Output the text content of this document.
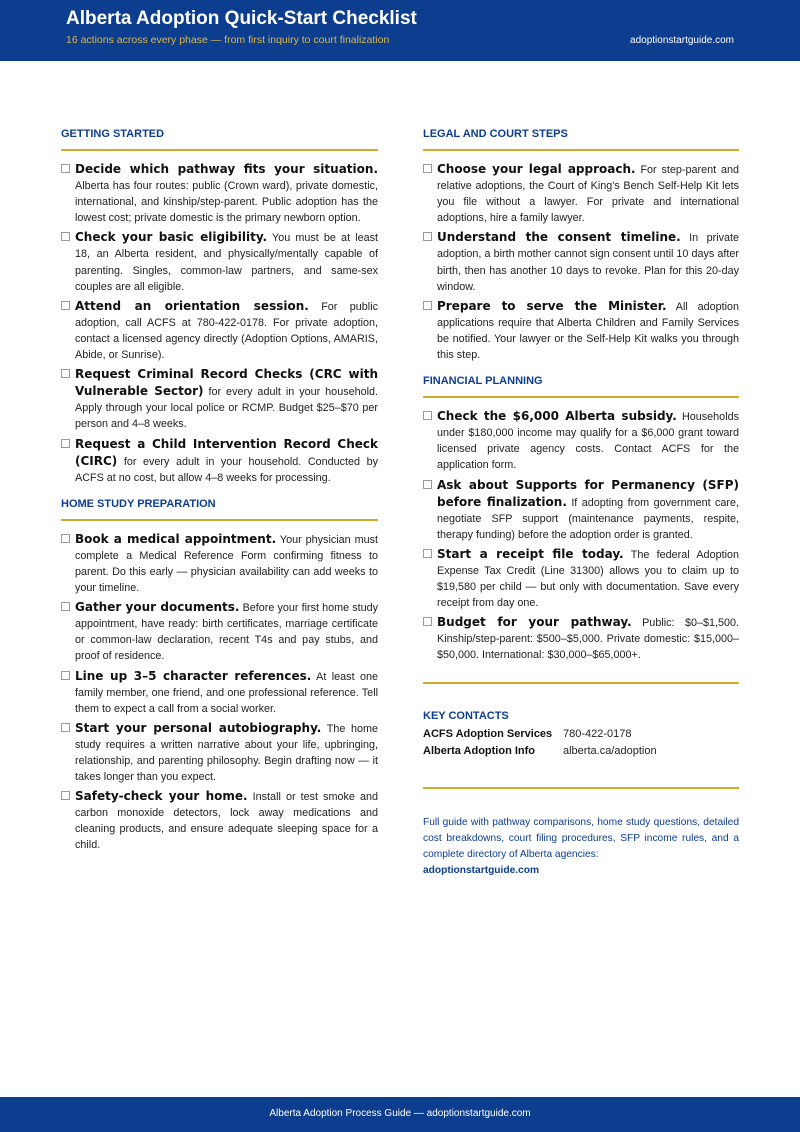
Alberta Adoption Quick-Start Checklist
16 actions across every phase — from first inquiry to court finalization	adoptionstartguide.com
GETTING STARTED
Decide which pathway fits your situation. Alberta has four routes: public (Crown ward), private domestic, international, and kinship/step-parent. Public adoption has the lowest cost; private domestic is the primary newborn option.
Check your basic eligibility. You must be at least 18, an Alberta resident, and physically/mentally capable of parenting. Singles, common-law partners, and same-sex couples are all eligible.
Attend an orientation session. For public adoption, call ACFS at 780-422-0178. For private adoption, contact a licensed agency directly (Adoption Options, AMARIS, Abide, or Sunrise).
Request Criminal Record Checks (CRC with Vulnerable Sector) for every adult in your household. Apply through your local police or RCMP. Budget $25–$70 per person and 4–8 weeks.
Request a Child Intervention Record Check (CIRC) for every adult in your household. Conducted by ACFS at no cost, but allow 4–8 weeks for processing.
HOME STUDY PREPARATION
Book a medical appointment. Your physician must complete a Medical Reference Form confirming fitness to parent. Do this early — physician availability can add weeks to your timeline.
Gather your documents. Before your first home study appointment, have ready: birth certificates, marriage certificate or common-law declaration, recent T4s and pay stubs, and proof of residence.
Line up 3–5 character references. At least one family member, one friend, and one professional reference. Tell them to expect a call from a social worker.
Start your personal autobiography. The home study requires a written narrative about your life, upbringing, relationship, and parenting philosophy. Begin drafting now — it takes longer than you expect.
Safety-check your home. Install or test smoke and carbon monoxide detectors, lock away medications and cleaning products, and ensure adequate sleeping space for a child.
LEGAL AND COURT STEPS
Choose your legal approach. For step-parent and relative adoptions, the Court of King's Bench Self-Help Kit lets you file without a lawyer. For private and international adoptions, hire a family lawyer.
Understand the consent timeline. In private adoption, a birth mother cannot sign consent until 10 days after birth, then has another 10 days to revoke. Plan for this 20-day window.
Prepare to serve the Minister. All adoption applications require that Alberta Children and Family Services be notified. Your lawyer or the Self-Help Kit walks you through this step.
FINANCIAL PLANNING
Check the $6,000 Alberta subsidy. Households under $180,000 income may qualify for a $6,000 grant toward licensed private agency costs. Contact ACFS for the application form.
Ask about Supports for Permanency (SFP) before finalization. If adopting from government care, negotiate SFP support (maintenance payments, respite, therapy funding) before the adoption order is granted.
Start a receipt file today. The federal Adoption Expense Tax Credit (Line 31300) allows you to claim up to $19,580 per child — but only with documentation. Save every receipt from day one.
Budget for your pathway. Public: $0–$1,500. Kinship/step-parent: $500–$5,000. Private domestic: $15,000–$50,000. International: $30,000–$65,000+.
KEY CONTACTS
ACFS Adoption Services 780-422-0178
Alberta Adoption Info	alberta.ca/adoption
Full guide with pathway comparisons, home study questions, detailed cost breakdowns, court filing procedures, SFP income rules, and a complete directory of Alberta agencies:
adoptionstartguide.com
Alberta Adoption Process Guide — adoptionstartguide.com
